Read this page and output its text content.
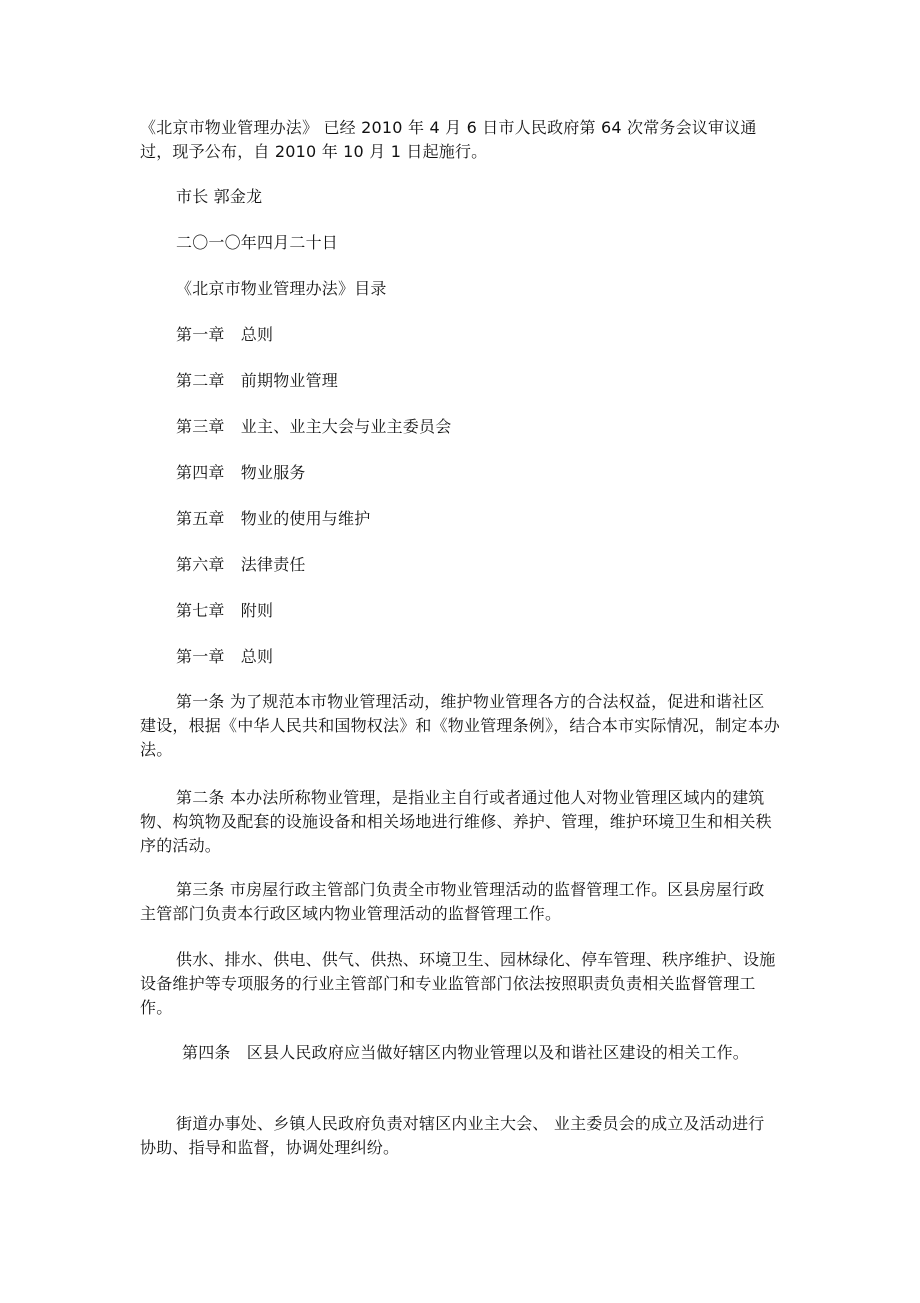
《北京市物业管理办法》 已经 2010 年 4 月 6 日市人民政府第 64 次常务会议审议通过，现予公布，自 2010 年 10 月 1 日起施行。
市长 郭金龙
二〇一〇年四月二十日
《北京市物业管理办法》目录
第一章　总则
第二章　前期物业管理
第三章　业主、业主大会与业主委员会
第四章　物业服务
第五章　物业的使用与维护
第六章　法律责任
第七章　附则
第一章　总则
第一条 为了规范本市物业管理活动，维护物业管理各方的合法权益，促进和谐社区建设，根据《中华人民共和国物权法》和《物业管理条例》，结合本市实际情况，制定本办法。
第二条 本办法所称物业管理，是指业主自行或者通过他人对物业管理区域内的建筑物、构筑物及配套的设施设备和相关场地进行维修、养护、管理，维护环境卫生和相关秩序的活动。
第三条 市房屋行政主管部门负责全市物业管理活动的监督管理工作。区县房屋行政主管部门负责本行政区域内物业管理活动的监督管理工作。
供水、排水、供电、供气、供热、环境卫生、园林绿化、停车管理、秩序维护、设施设备维护等专项服务的行业主管部门和专业监管部门依法按照职责负责相关监督管理工作。
第四条　区县人民政府应当做好辖区内物业管理以及和谐社区建设的相关工作。
街道办事处、乡镇人民政府负责对辖区内业主大会、 业主委员会的成立及活动进行协助、指导和监督，协调处理纠纷。
